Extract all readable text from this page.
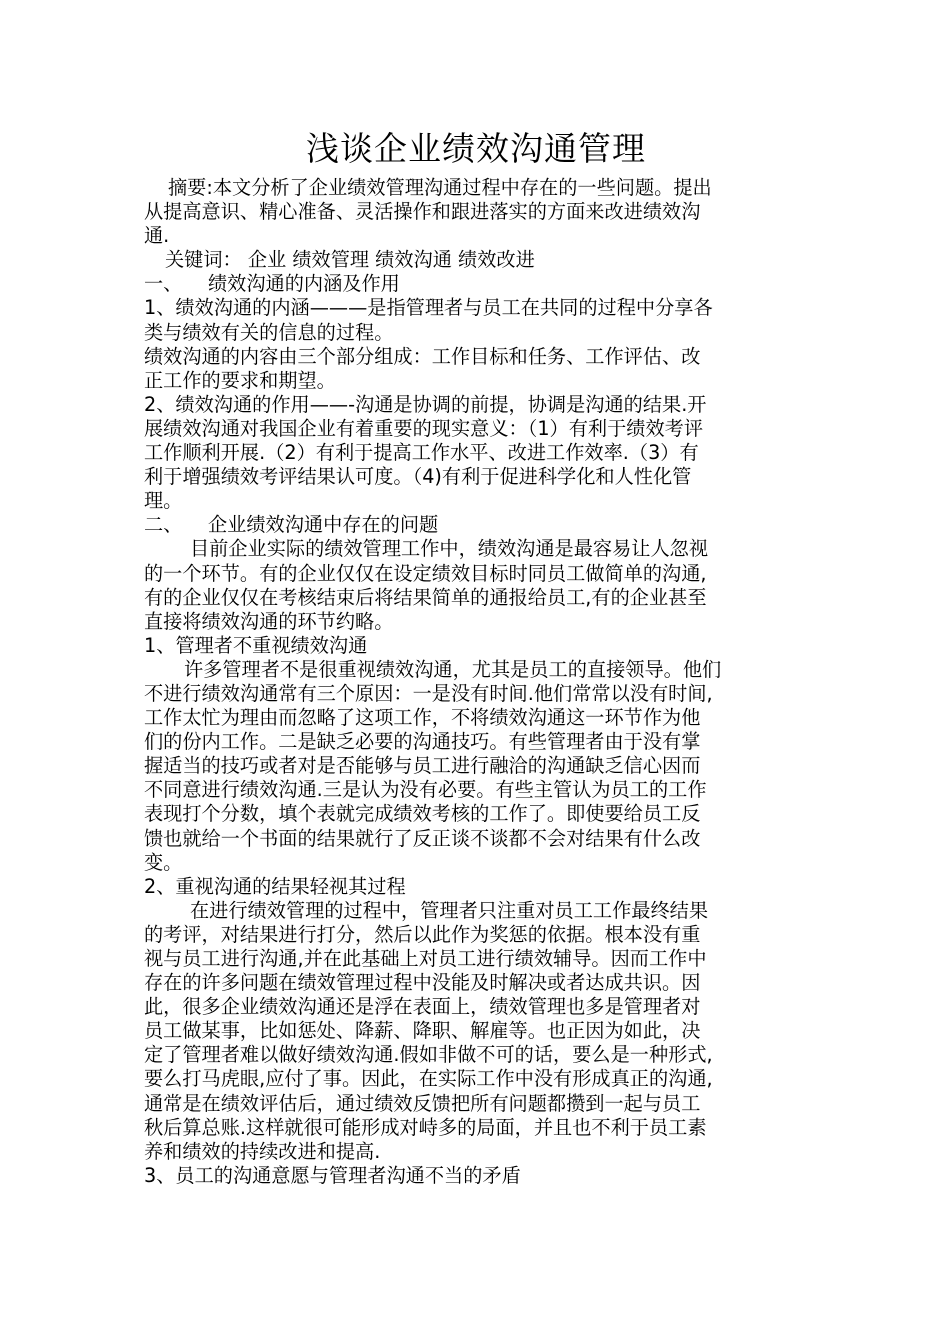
浅谈企业绩效沟通管理
摘要:本文分析了企业绩效管理沟通过程中存在的一些问题。提出
从提高意识、精心准备、灵活操作和跟进落实的方面来改进绩效沟
通.
关键词： 企业 绩效管理 绩效沟通 绩效改进
一、 绩效沟通的内涵及作用
1、绩效沟通的内涵———是指管理者与员工在共同的过程中分享各
类与绩效有关的信息的过程。
绩效沟通的内容由三个部分组成：工作目标和任务、工作评估、改
正工作的要求和期望。
2、绩效沟通的作用——-沟通是协调的前提，协调是沟通的结果.开
展绩效沟通对我国企业有着重要的现实意义：（1）有利于绩效考评
工作顺利开展.（2）有利于提高工作水平、改进工作效率.（3）有
利于增强绩效考评结果认可度。（4)有利于促进科学化和人性化管
理。
二、 企业绩效沟通中存在的问题
目前企业实际的绩效管理工作中，绩效沟通是最容易让人忽视
的一个环节。有的企业仅仅在设定绩效目标时同员工做简单的沟通,
有的企业仅仅在考核结束后将结果简单的通报给员工,有的企业甚至
直接将绩效沟通的环节约略。
1、管理者不重视绩效沟通
许多管理者不是很重视绩效沟通，尤其是员工的直接领导。他们
不进行绩效沟通常有三个原因：一是没有时间.他们常常以没有时间,
工作太忙为理由而忽略了这项工作，不将绩效沟通这一环节作为他
们的份内工作。二是缺乏必要的沟通技巧。有些管理者由于没有掌
握适当的技巧或者对是否能够与员工进行融洽的沟通缺乏信心因而
不同意进行绩效沟通.三是认为没有必要。有些主管认为员工的工作
表现打个分数，填个表就完成绩效考核的工作了。即使要给员工反
馈也就给一个书面的结果就行了反正谈不谈都不会对结果有什么改
变。
2、重视沟通的结果轻视其过程
在进行绩效管理的过程中，管理者只注重对员工工作最终结果
的考评，对结果进行打分，然后以此作为奖惩的依据。根本没有重
视与员工进行沟通,并在此基础上对员工进行绩效辅导。因而工作中
存在的许多问题在绩效管理过程中没能及时解决或者达成共识。因
此，很多企业绩效沟通还是浮在表面上，绩效管理也多是管理者对
员工做某事，比如惩处、降薪、降职、解雇等。也正因为如此，决
定了管理者难以做好绩效沟通.假如非做不可的话，要么是一种形式,
要么打马虎眼,应付了事。因此，在实际工作中没有形成真正的沟通,
通常是在绩效评估后，通过绩效反馈把所有问题都攒到一起与员工
秋后算总账.这样就很可能形成对峙多的局面，并且也不利于员工素
养和绩效的持续改进和提高.
3、员工的沟通意愿与管理者沟通不当的矛盾
